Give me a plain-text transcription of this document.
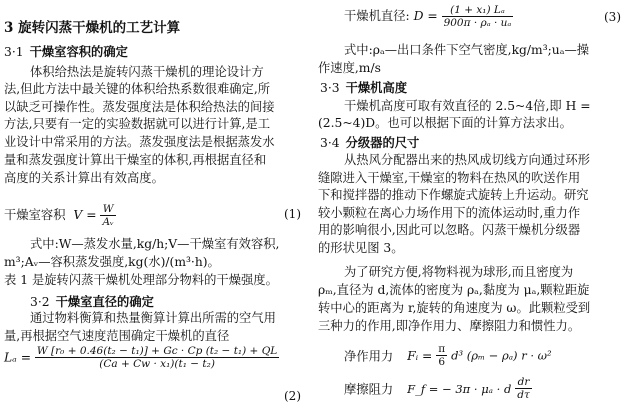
3 旋转闪蒸干燥机的工艺计算
3·1 干燥室容积的确定
体积给热法是旋转闪蒸干燥机的理论设计方
法,但此方法中最关键的体积给热系数很难确定,所
以缺乏可操作性。蒸发强度法是体积给热法的间接
方法,只要有一定的实验数据就可以进行计算,是工
业设计中常采用的方法。蒸发强度法是根据蒸发水
量和蒸发强度计算出干燥室的体积,再根据直径和
高度的关系计算出有效高度。
干燥室容积 $V = \frac{W}{\text{Aᵥ}}$	(1)
式中:W—蒸发水量,kg/h;V—干燥室有效容积,
m³;Aᵥ—容积蒸发强度,kg(水)/(m³·h)。
表 1 是旋转闪蒸干燥机处理部分物料的干燥强度。
3·2 干燥室直径的确定
通过物料衡算和热量衡算计算出所需的空气用
量,再根据空气速度范围确定干燥机的直径
$L_a = \frac{\text{W [r₀ + 0.46(t₂ − t₁)] + Gc · Cp (t₂ − t₁) + QL}}{\text{(Ca + Cw · x₁)(t₁ − t₂)}}$
(2)
干燥机直径: $D = \frac{\text{(1 + x₁) Lₐ}}{\text{900π · ρₐ · uₐ}}$	(3)
式中:ρₐ—出口条件下空气密度,kg/m³;uₐ—操
作速度,m/s
3·3 干燥机高度
干燥机高度可取有效直径的 2.5~4倍,即 H =
(2.5~4)D。也可以根据下面的计算方法求出。
3·4 分级器的尺寸
从热风分配器出来的热风成切线方向通过环形
缝隙进入干燥室,干燥室的物料在热风的吹送作用
下和搅拌器的推动下作螺旋式旋转上升运动。研究
较小颗粒在离心力场作用下的流体运动时,重力作
用的影响很小,因此可以忽略。闪蒸干燥机分级器
的形状见图 3。
为了研究方便,将物料视为球形,而且密度为
ρₘ,直径为 d,流体的密度为 ρₐ,黏度为 μₐ,颗粒距旋
转中心的距离为 r,旋转的角速度为 ω。此颗粒受到
三种力的作用,即净作用力、摩擦阻力和惯性力。
净作用力 Fᵢ = $\frac{\pi}{6} d^3$ (ρₘ − ρₐ) r · ω²
摩擦阻力 F_f = − 3π · μₐ · d $\frac{dr}{d\tau}$
